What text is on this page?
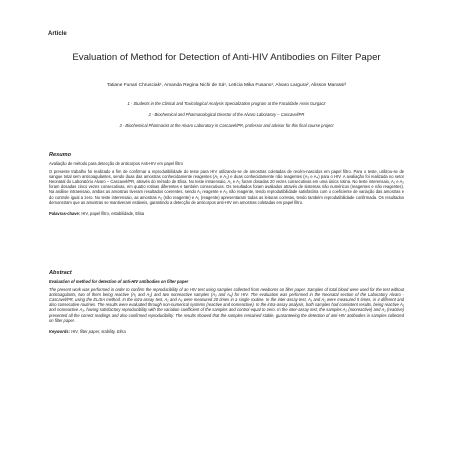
Article
Evaluation of Method for Detection of Anti-HIV Antibodies on Filter Paper
Tatiane Funari Chrusciak¹, Amanda Regina Nichi de Sá¹, Letícia Mika Fusano¹, Alvaro Largura², Alisson Marassi³
1 - Students in the Clinical and Toxicological Analysis Specialization program at the Faculdade Assis Gurgacz
2 - Biochemical and Pharmacological Director of the Alvaro Laboratory – Cascavel/PR
3 - Biochemical Pharmacist at the Alvaro Laboratory in Cascavel/PR, professor and advisor for this final course project
Resumo
Avaliação de método para detecção de anticorpos Anti-HIV em papel filtro
O presente trabalho foi realizado a fim de confirmar a reprodutibilidade do teste para HIV utilizando-se de amostras coletadas de recém-nascidos em papel filtro. Para o teste, utilizou-se de sangue total sem anticoagulantes, sendo duas das amostras conhecidamente reagentes (A₁ e A₂) e duas conhecidamente não reagentes (A₃ e A₄) para o HIV. A avaliação foi realizada no setor Neonatal do Laboratório Alvaro – Cascavel/PR, através do método de Elisa. No teste intraensaio, A₁ e A₂ foram dosadas 20 vezes consecutivas em uma única rotina. No teste interensaio, A₁ e A₂ foram dosadas cinco vezes consecutivas, em quatro rotinas diferentes e também consecutivas. Os resultados foram avaliados através de sistemas não numéricos (reagentes e não reagentes). Na análise intraensaio, ambas as amostras tiveram resultados coerentes, sendo A₁ reagente e A₃ não reagente, tendo reprodutibilidade satisfatória com o coeficiente de variação das amostras e do controle igual a zero. No teste interensaio, as amostras A₂ (não reagente) e A₁ (reagente) apresentaram todas as leituras corretas, tendo também reprodutibilidade confirmada. Os resultados demonstram que as amostras se mantiveram estáveis, garantindo a detecção de anticorpos anti-HIV em amostras coletadas em papel filtro.
Palavras-chave: HIV, papel filtro, estabilidade, Elisa
Abstract
Evaluation of method for detection of anti-HIV antibodies on filter paper
The present work was performed in order to confirm the reproducibility of an HIV test using samples collected from newborns on filter paper. Samples of total blood were used for the test without anticoagulants, two of them being reactive (A₁ and A₂) and two nonreactive samples (A₃ and A₄) for HIV. The evaluation was performed in the Neonatal section of the Laboratory Alvaro - Cascavel/PR, using the ELISA method. In the intra-assay test, A₁ and A₃ were measured 20 times in a single routine. In the inter-assay test, A₁ and A₂ were measured 5 times, in 4 different and also consecutive routines. The results were evaluated through non-numerical systems (reactive and nonreactive). In the intra-assay analysis, both samples had consistent results, being reactive A₁ and nonreactive A₃, having satisfactory reproducibility with the variation coefficient of the samples and control equal to zero. In the inter-assay test, the samples A₂ (nonreactive) and A₁ (reactive) presented all the correct readings and also confirmed reproducibility. The results showed that the samples remained stable, guaranteeing the detection of anti-HIV antibodies in samples collected on filter paper.
Keywords: HIV, filter paper, stability, Elisa
